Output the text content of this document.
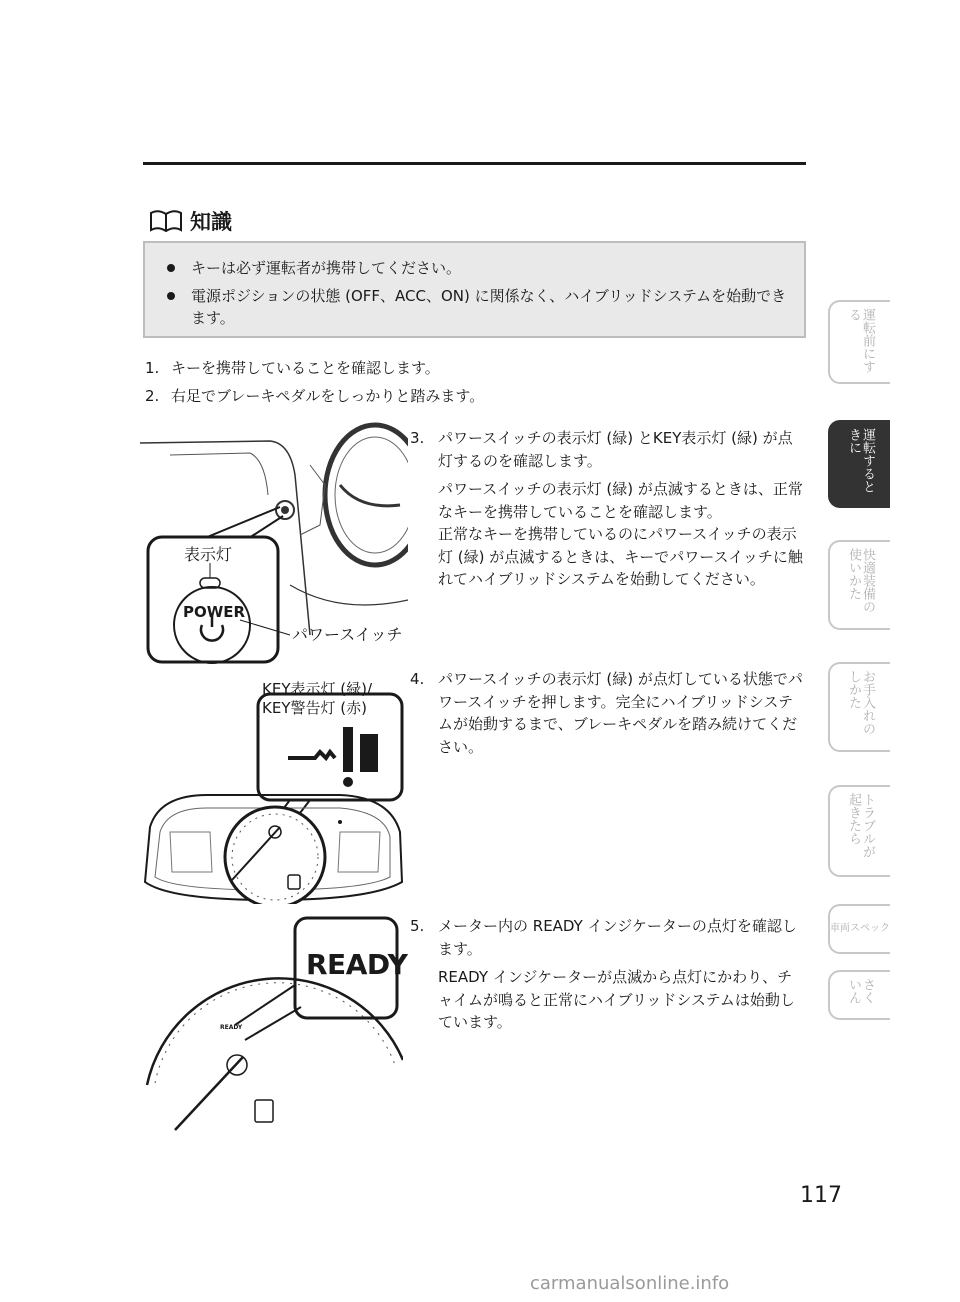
知識
キーは必ず運転者が携帯してください。
電源ポジションの状態 (OFF、ACC、ON) に関係なく、ハイブリッドシステムを始動できます。
1. キーを携帯していることを確認します。
2. 右足でブレーキペダルをしっかりと踏みます。
表示灯
POWER
パワースイッチ
3. パワースイッチの表示灯 (緑) とKEY表示灯 (緑) が点灯するのを確認します。
パワースイッチの表示灯 (緑) が点滅するときは、正常なキーを携帯していることを確認します。
正常なキーを携帯しているのにパワースイッチの表示灯 (緑) が点滅するときは、キーでパワースイッチに触れてハイブリッドシステムを始動してください。
KEY表示灯 (緑)/
KEY警告灯 (赤)
4. パワースイッチの表示灯 (緑) が点灯している状態でパワースイッチを押します。完全にハイブリッドシステムが始動するまで、ブレーキペダルを踏み続けてください。
READY
READY
5. メーター内の READY インジケーターの点灯を確認します。
READY インジケーターが点滅から点灯にかわり、チャイムが鳴ると正常にハイブリッドシステムは始動しています。
運転前にする
運転するときに
快適装備の使いかた
お手入れのしかた
トラブルが起きたら
車両スペック
さくいん
117
carmanualsonline.info
